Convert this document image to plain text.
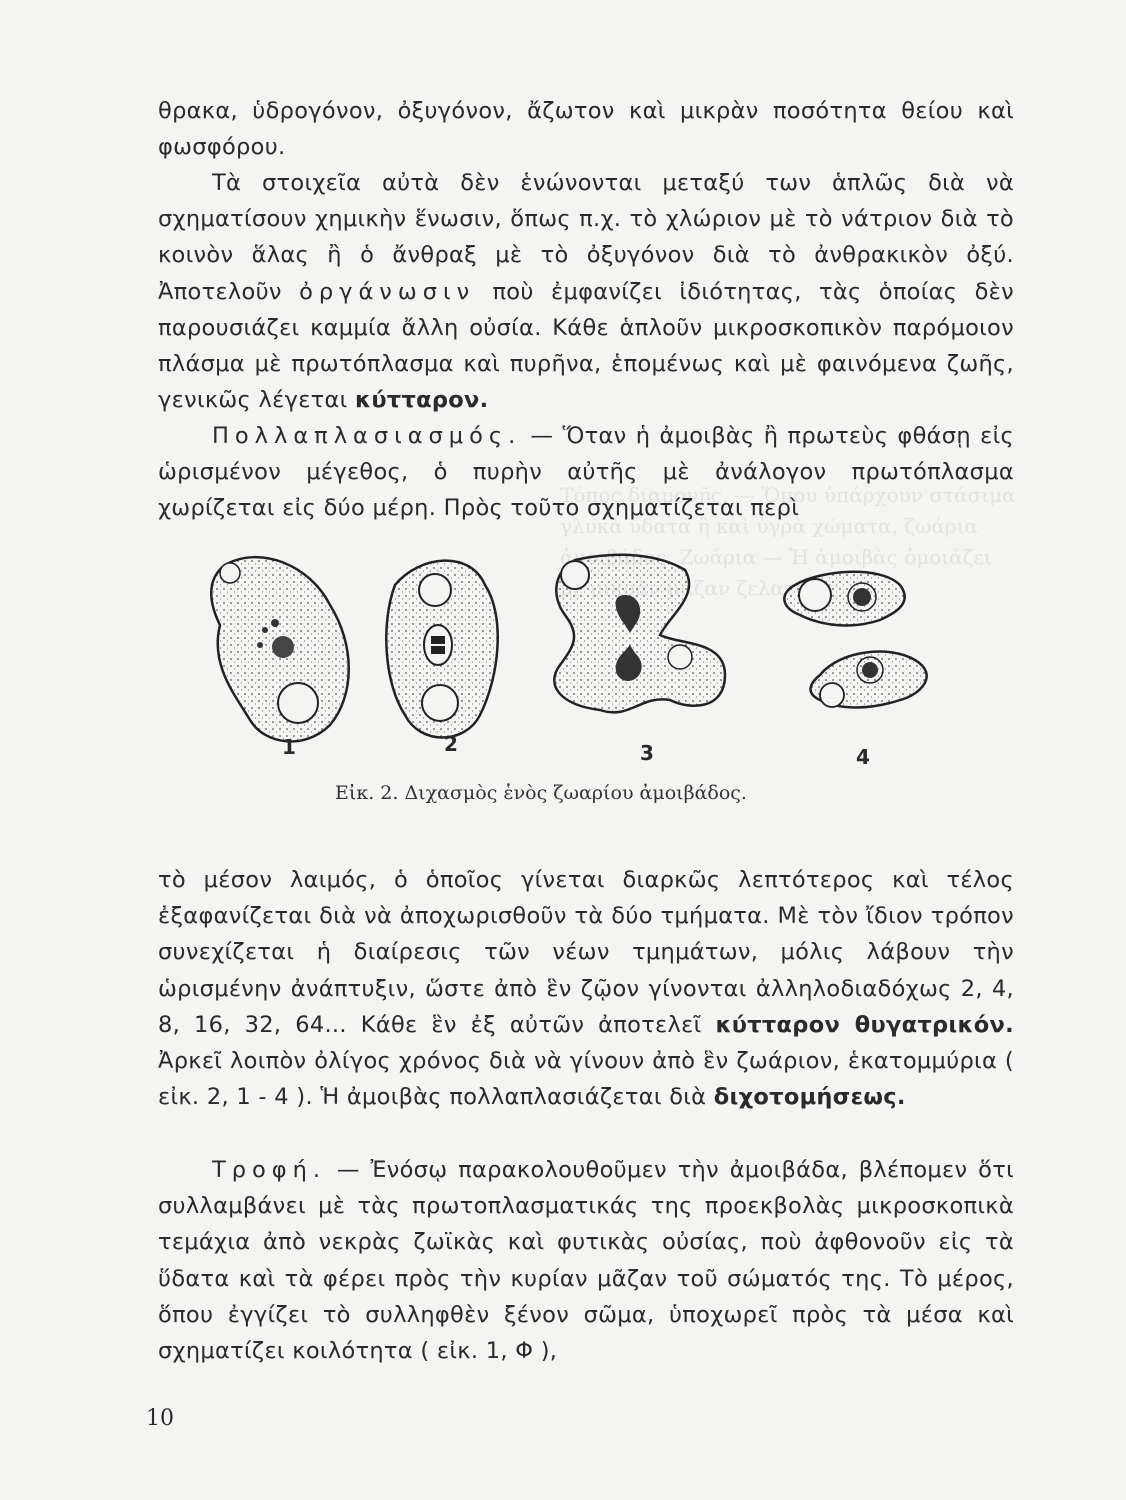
Τόπος διαμονῆς. — Ὅπου ὑπάρχουν στάσιμα γλυκὰ ὕδατα ἢ καὶ ὑγρὰ χώματα, ζωάρια ἀμοιβάδος. Ζωάρια — Ἡ ἀμοιβὰς ὁμοιάζει μὲ μικρὰν μᾶζαν ζελατίνης...

θρακα, ὑδρογόνον, ὀξυγόνον, ἄζωτον καὶ μικρὰν ποσότητα θείου καὶ φωσφόρου.

Τὰ στοιχεῖα αὐτὰ δὲν ἑνώνονται μεταξύ των ἁπλῶς διὰ νὰ σχηματίσουν χημικὴν ἕνωσιν, ὅπως π.χ. τὸ χλώριον μὲ τὸ νάτριον διὰ τὸ κοινὸν ἅλας ἢ ὁ ἄνθραξ μὲ τὸ ὀξυγόνον διὰ τὸ ἀνθρακικὸν ὀξύ. Ἀποτελοῦν ὀργάνωσιν ποὺ ἐμφανίζει ἰδιότητας, τὰς ὁποίας δὲν παρουσιάζει καμμία ἄλλη οὐσία. Κάθε ἁπλοῦν μικροσκοπικὸν παρόμοιον πλάσμα μὲ πρωτόπλασμα καὶ πυρῆνα, ἑπομένως καὶ μὲ φαινόμενα ζωῆς, γενικῶς λέγεται κύτταρον.

Πολλαπλασιασμός. — Ὅταν ἡ ἀμοιβὰς ἢ πρωτεὺς φθάσῃ εἰς ὡρισμένον μέγεθος, ὁ πυρὴν αὐτῆς μὲ ἀνάλογον πρωτόπλασμα χωρίζεται εἰς δύο μέρη. Πρὸς τοῦτο σχηματίζεται περὶ

1	2	3	4
Εἰκ. 2. Διχασμὸς ἑνὸς ζωαρίου ἀμοιβάδος.

τὸ μέσον λαιμός, ὁ ὁποῖος γίνεται διαρκῶς λεπτότερος καὶ τέλος ἐξαφανίζεται διὰ νὰ ἀποχωρισθοῦν τὰ δύο τμήματα. Μὲ τὸν ἴδιον τρόπον συνεχίζεται ἡ διαίρεσις τῶν νέων τμημάτων, μόλις λάβουν τὴν ὡρισμένην ἀνάπτυξιν, ὥστε ἀπὸ ἓν ζῷον γίνονται ἀλληλοδιαδόχως 2, 4, 8, 16, 32, 64... Κάθε ἓν ἐξ αὐτῶν ἀποτελεῖ κύτταρον θυγατρικόν. Ἀρκεῖ λοιπὸν ὀλίγος χρόνος διὰ νὰ γίνουν ἀπὸ ἓν ζωάριον, ἑκατομμύρια ( εἰκ. 2, 1 - 4 ). Ἡ ἀμοιβὰς πολλαπλασιάζεται διὰ διχοτομήσεως.

Τροφή. — Ἐνόσῳ παρακολουθοῦμεν τὴν ἀμοιβάδα, βλέπομεν ὅτι συλλαμβάνει μὲ τὰς πρωτοπλασματικάς της προεκβολὰς μικροσκοπικὰ τεμάχια ἀπὸ νεκρὰς ζωϊκὰς καὶ φυτικὰς οὐσίας, ποὺ ἀφθονοῦν εἰς τὰ ὕδατα καὶ τὰ φέρει πρὸς τὴν κυρίαν μᾶζαν τοῦ σώματός της. Τὸ μέρος, ὅπου ἐγγίζει τὸ συλληφθὲν ξένον σῶμα, ὑποχωρεῖ πρὸς τὰ μέσα καὶ σχηματίζει κοιλότητα ( εἰκ. 1, Φ ),

10
